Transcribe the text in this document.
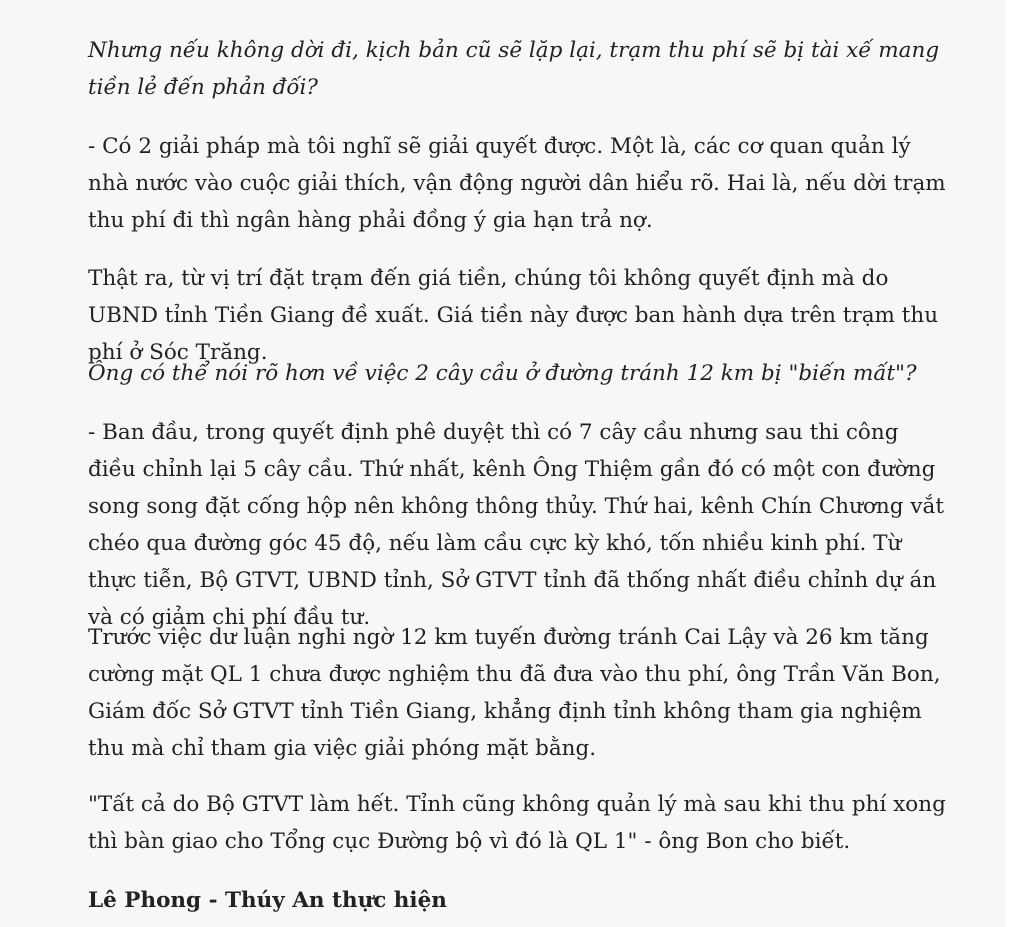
Nhưng nếu không dời đi, kịch bản cũ sẽ lặp lại, trạm thu phí sẽ bị tài xế mang tiền lẻ đến phản đối?

- Có 2 giải pháp mà tôi nghĩ sẽ giải quyết được. Một là, các cơ quan quản lý nhà nước vào cuộc giải thích, vận động người dân hiểu rõ. Hai là, nếu dời trạm thu phí đi thì ngân hàng phải đồng ý gia hạn trả nợ.

Thật ra, từ vị trí đặt trạm đến giá tiền, chúng tôi không quyết định mà do UBND tỉnh Tiền Giang đề xuất. Giá tiền này được ban hành dựa trên trạm thu phí ở Sóc Trăng.

Ông có thể nói rõ hơn về việc 2 cây cầu ở đường tránh 12 km bị "biến mất"?

- Ban đầu, trong quyết định phê duyệt thì có 7 cây cầu nhưng sau thi công điều chỉnh lại 5 cây cầu. Thứ nhất, kênh Ông Thiệm gần đó có một con đường song song đặt cống hộp nên không thông thủy. Thứ hai, kênh Chín Chương vắt chéo qua đường góc 45 độ, nếu làm cầu cực kỳ khó, tốn nhiều kinh phí. Từ thực tiễn, Bộ GTVT, UBND tỉnh, Sở GTVT tỉnh đã thống nhất điều chỉnh dự án và có giảm chi phí đầu tư.

Trước việc dư luận nghi ngờ 12 km tuyến đường tránh Cai Lậy và 26 km tăng cường mặt QL 1 chưa được nghiệm thu đã đưa vào thu phí, ông Trần Văn Bon, Giám đốc Sở GTVT tỉnh Tiền Giang, khẳng định tỉnh không tham gia nghiệm thu mà chỉ tham gia việc giải phóng mặt bằng.

"Tất cả do Bộ GTVT làm hết. Tỉnh cũng không quản lý mà sau khi thu phí xong thì bàn giao cho Tổng cục Đường bộ vì đó là QL 1" - ông Bon cho biết.

Lê Phong - Thúy An thực hiện
